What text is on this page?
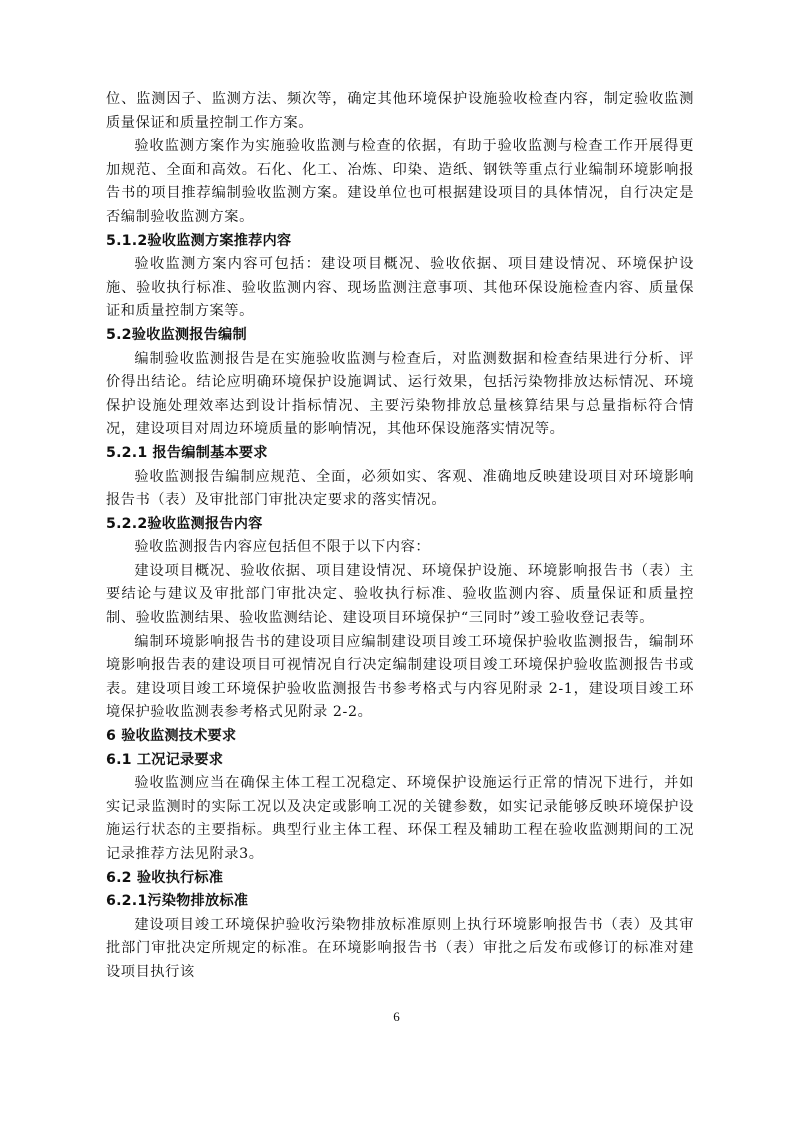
位、监测因子、监测方法、频次等，确定其他环境保护设施验收检查内容，制定验收监测质量保证和质量控制工作方案。

验收监测方案作为实施验收监测与检查的依据，有助于验收监测与检查工作开展得更加规范、全面和高效。石化、化工、冶炼、印染、造纸、钢铁等重点行业编制环境影响报告书的项目推荐编制验收监测方案。建设单位也可根据建设项目的具体情况，自行决定是否编制验收监测方案。

5.1.2验收监测方案推荐内容

验收监测方案内容可包括：建设项目概况、验收依据、项目建设情况、环境保护设施、验收执行标准、验收监测内容、现场监测注意事项、其他环保设施检查内容、质量保证和质量控制方案等。

5.2验收监测报告编制

编制验收监测报告是在实施验收监测与检查后，对监测数据和检查结果进行分析、评价得出结论。结论应明确环境保护设施调试、运行效果，包括污染物排放达标情况、环境保护设施处理效率达到设计指标情况、主要污染物排放总量核算结果与总量指标符合情况，建设项目对周边环境质量的影响情况，其他环保设施落实情况等。

5.2.1 报告编制基本要求

验收监测报告编制应规范、全面，必须如实、客观、准确地反映建设项目对环境影响报告书（表）及审批部门审批决定要求的落实情况。

5.2.2验收监测报告内容

验收监测报告内容应包括但不限于以下内容：

建设项目概况、验收依据、项目建设情况、环境保护设施、环境影响报告书（表）主要结论与建议及审批部门审批决定、验收执行标准、验收监测内容、质量保证和质量控制、验收监测结果、验收监测结论、建设项目环境保护“三同时”竣工验收登记表等。

编制环境影响报告书的建设项目应编制建设项目竣工环境保护验收监测报告，编制环境影响报告表的建设项目可视情况自行决定编制建设项目竣工环境保护验收监测报告书或表。建设项目竣工环境保护验收监测报告书参考格式与内容见附录 2-1，建设项目竣工环境保护验收监测表参考格式见附录 2-2。

6 验收监测技术要求
6.1 工况记录要求

验收监测应当在确保主体工程工况稳定、环境保护设施运行正常的情况下进行，并如实记录监测时的实际工况以及决定或影响工况的关键参数，如实记录能够反映环境保护设施运行状态的主要指标。典型行业主体工程、环保工程及辅助工程在验收监测期间的工况记录推荐方法见附录3。

6.2 验收执行标准
6.2.1污染物排放标准

建设项目竣工环境保护验收污染物排放标准原则上执行环境影响报告书（表）及其审批部门审批决定所规定的标准。在环境影响报告书（表）审批之后发布或修订的标准对建设项目执行该

6
